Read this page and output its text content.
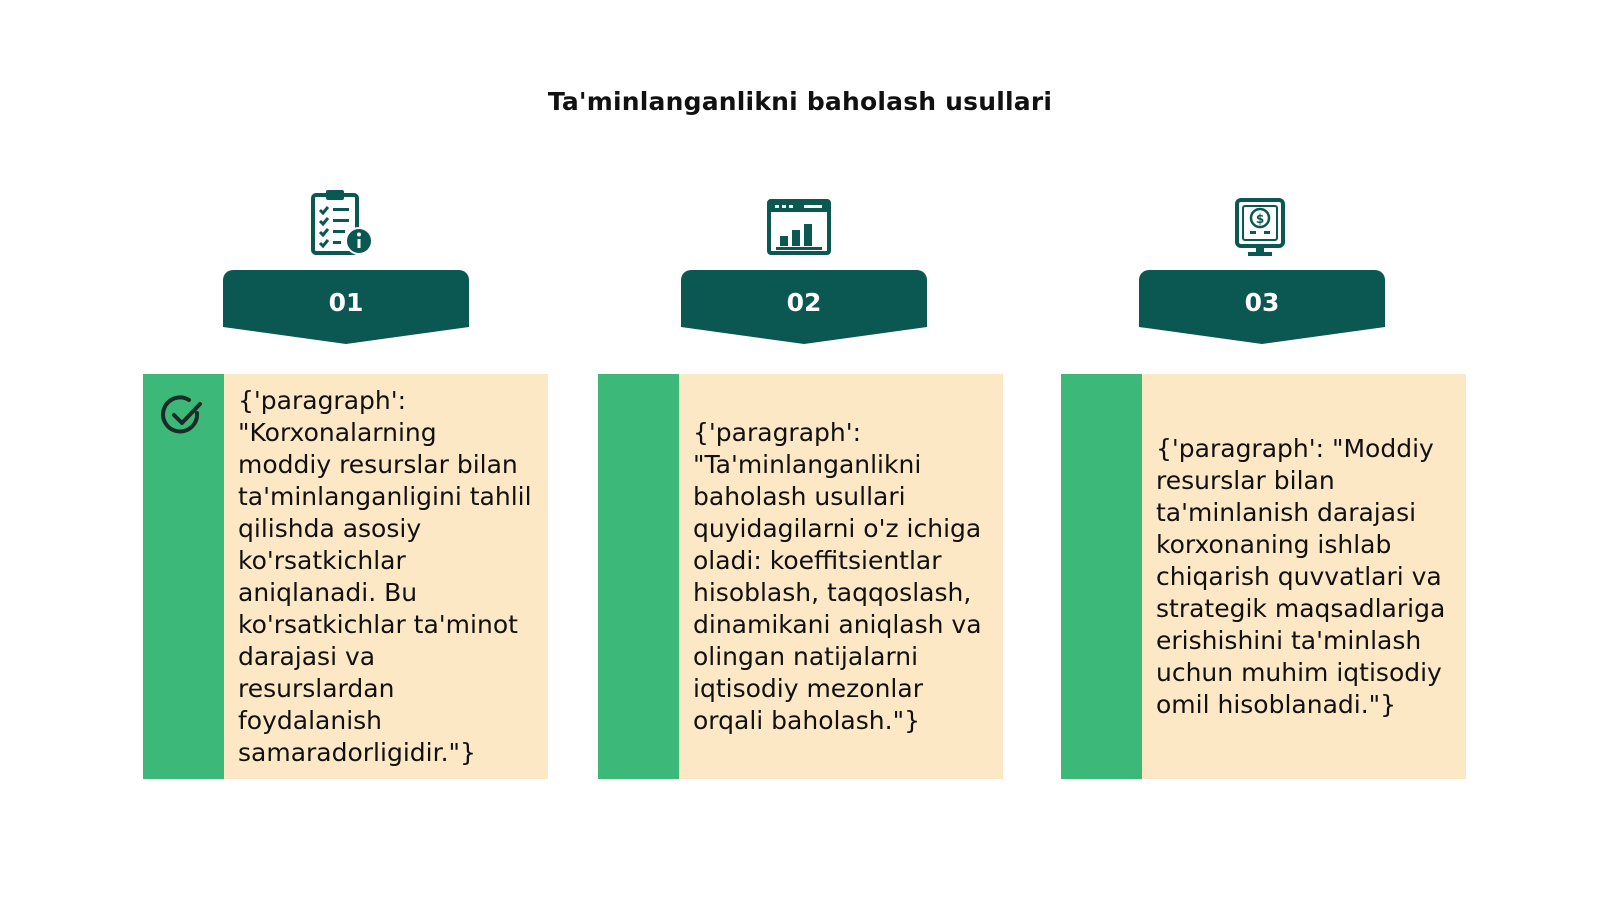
Ta'minlanganlikni baholash usullari
$
01	02	03
{'paragraph': "Korxonalarning moddiy resurslar bilan ta'minlanganligini tahlil qilishda asosiy ko'rsatkichlar aniqlanadi. Bu ko'rsatkichlar ta'minot darajasi va resurslardan foydalanish samaradorligidir."}
{'paragraph': "Ta'minlanganlikni baholash usullari quyidagilarni o'z ichiga oladi: koeffitsientlar hisoblash, taqqoslash, dinamikani aniqlash va olingan natijalarni iqtisodiy mezonlar orqali baholash."}
{'paragraph': "Moddiy resurslar bilan ta'minlanish darajasi korxonaning ishlab chiqarish quvvatlari va strategik maqsadlariga erishishini ta'minlash uchun muhim iqtisodiy omil hisoblanadi."}
